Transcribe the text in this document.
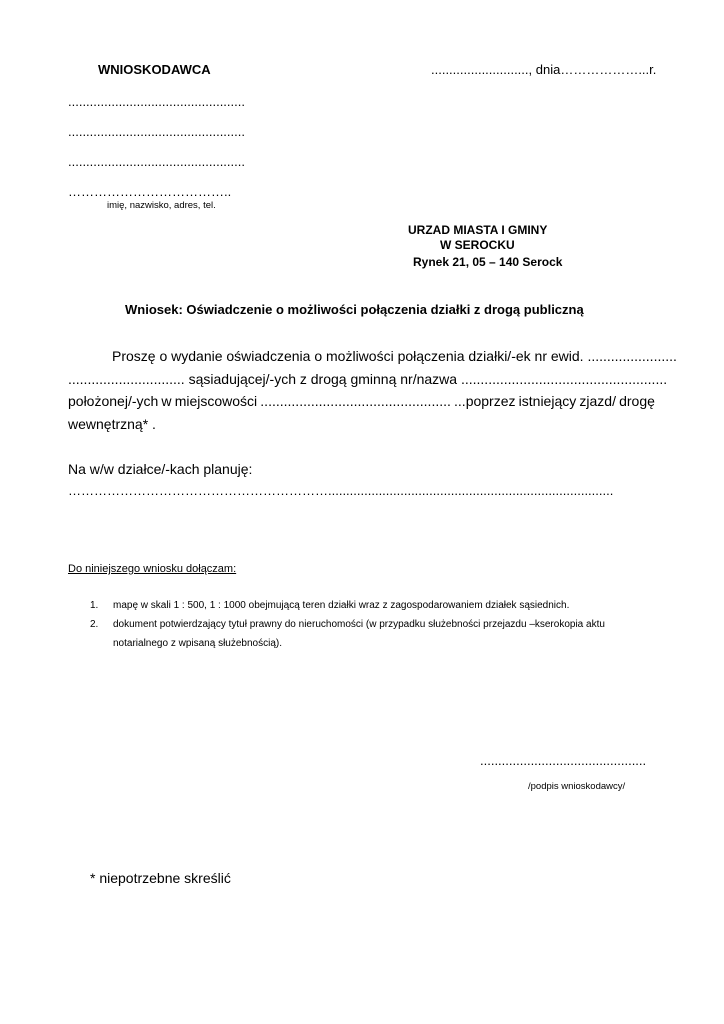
WNIOSKODAWCA	..........................., dnia………………...r.
.................................................
.................................................
.................................................
………………………………..
imię, nazwisko, adres, tel.
URZAD MIASTA I GMINY
W SEROCKU
Rynek 21, 05 – 140 Serock
Wniosek: Oświadczenie o możliwości połączenia działki z drogą publiczną
Proszę o wydanie oświadczenia o możliwości połączenia działki/-ek nr ewid. .......................
.............................. sąsiadującej/-ych z drogą gminną nr/nazwa .....................................................
położonej/-ych w miejscowości ................................................. ...poprzez istniejący zjazd/ drogę
wewnętrzną* .
Na w/w działce/-kach planuję:
……………………………………………………...............................................................................
Do niniejszego wniosku dołączam:
1. mapę w skali 1 : 500, 1 : 1000 obejmującą teren działki wraz z zagospodarowaniem działek sąsiednich.
2. dokument potwierdzający tytuł prawny do nieruchomości (w przypadku służebności przejazdu –kserokopia aktu
notarialnego z wpisaną służebnością).
..............................................
/podpis wnioskodawcy/
* niepotrzebne skreślić
